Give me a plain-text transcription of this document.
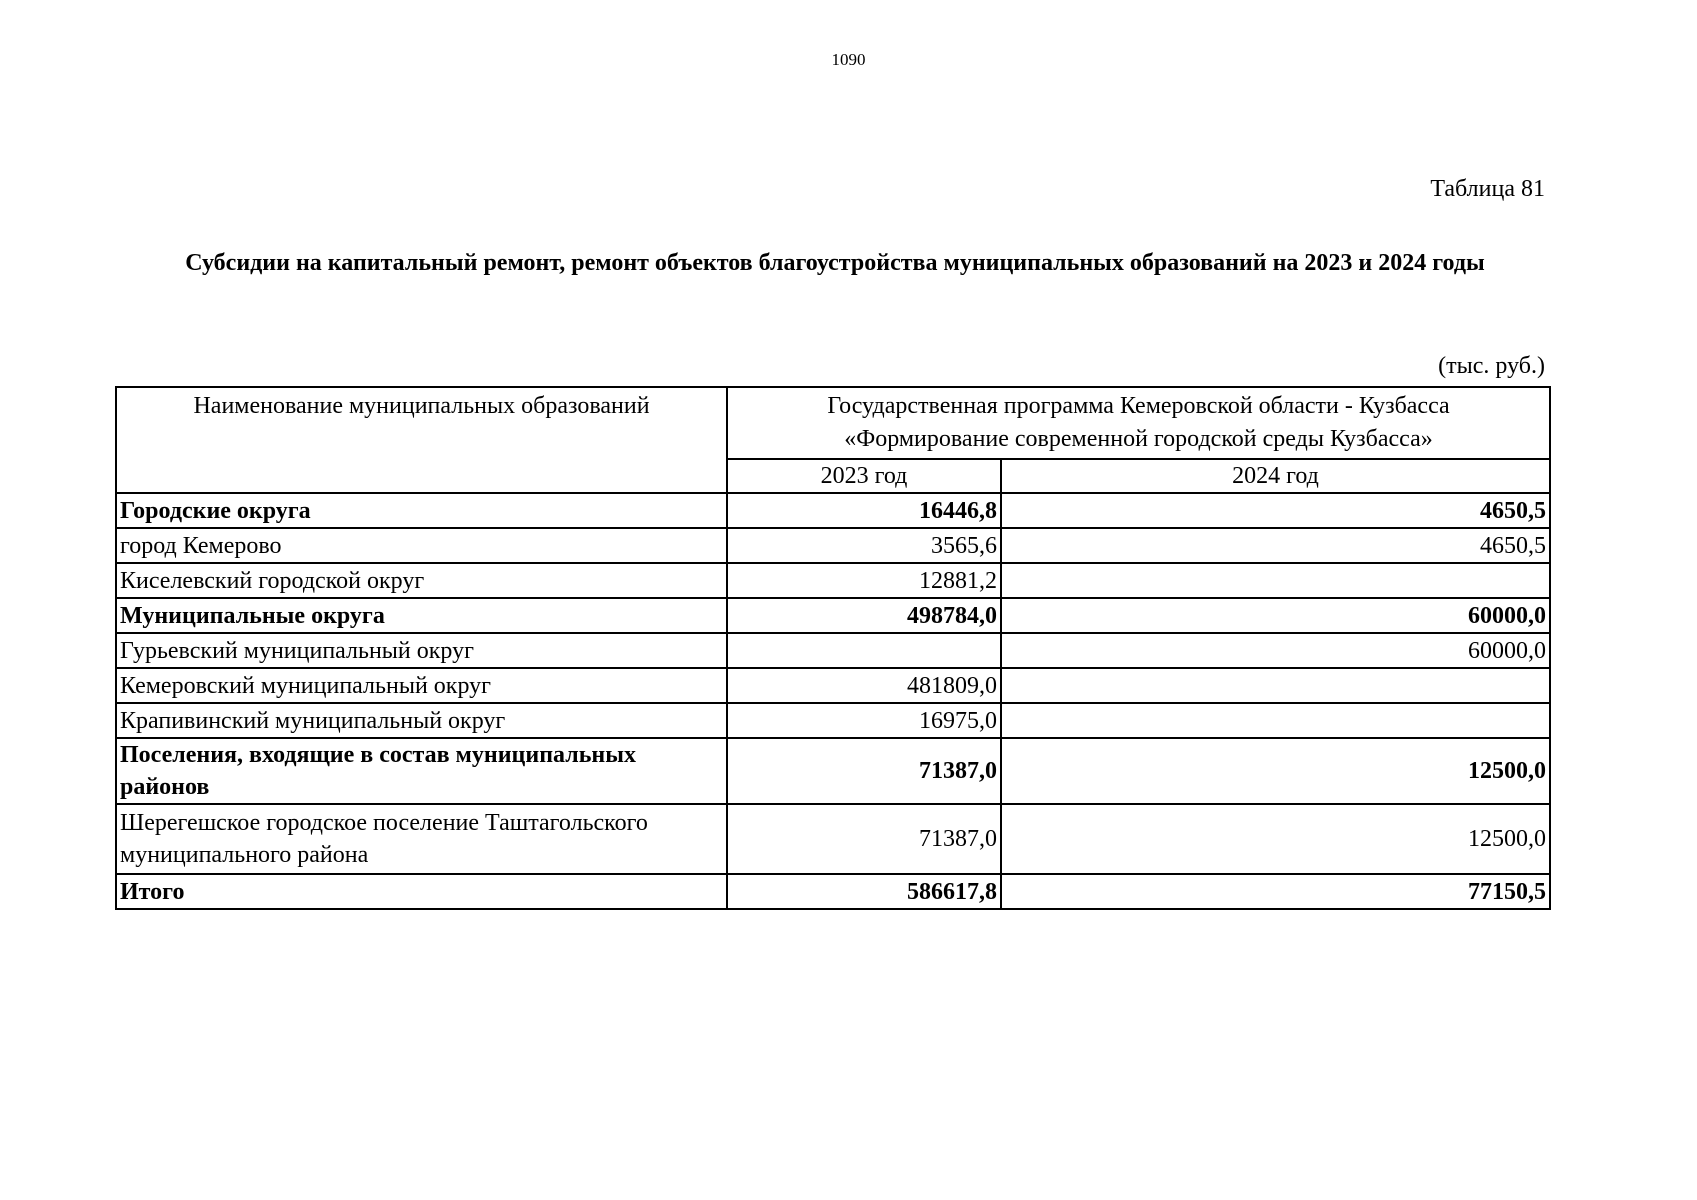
1090
Таблица 81
Субсидии на капитальный ремонт, ремонт объектов благоустройства муниципальных образований на 2023 и 2024 годы
(тыс. руб.)
Наименование муниципальных образований	Государственная программа Кемеровской области - Кузбасса
«Формирование современной городской среды Кузбасса»	

	2023 год	2024 год
Городские округа	16446,8	4650,5
город Кемерово	3565,6	4650,5
Киселевский городской округ	12881,2	
Муниципальные округа	498784,0	60000,0
Гурьевский муниципальный округ		60000,0
Кемеровский муниципальный округ	481809,0	
Крапивинский муниципальный округ	16975,0	
Поселения, входящие в состав муниципальных районов	71387,0	12500,0
Шерегешское городское поселение Таштагольского муниципального района	71387,0	12500,0
Итого	586617,8	77150,5
